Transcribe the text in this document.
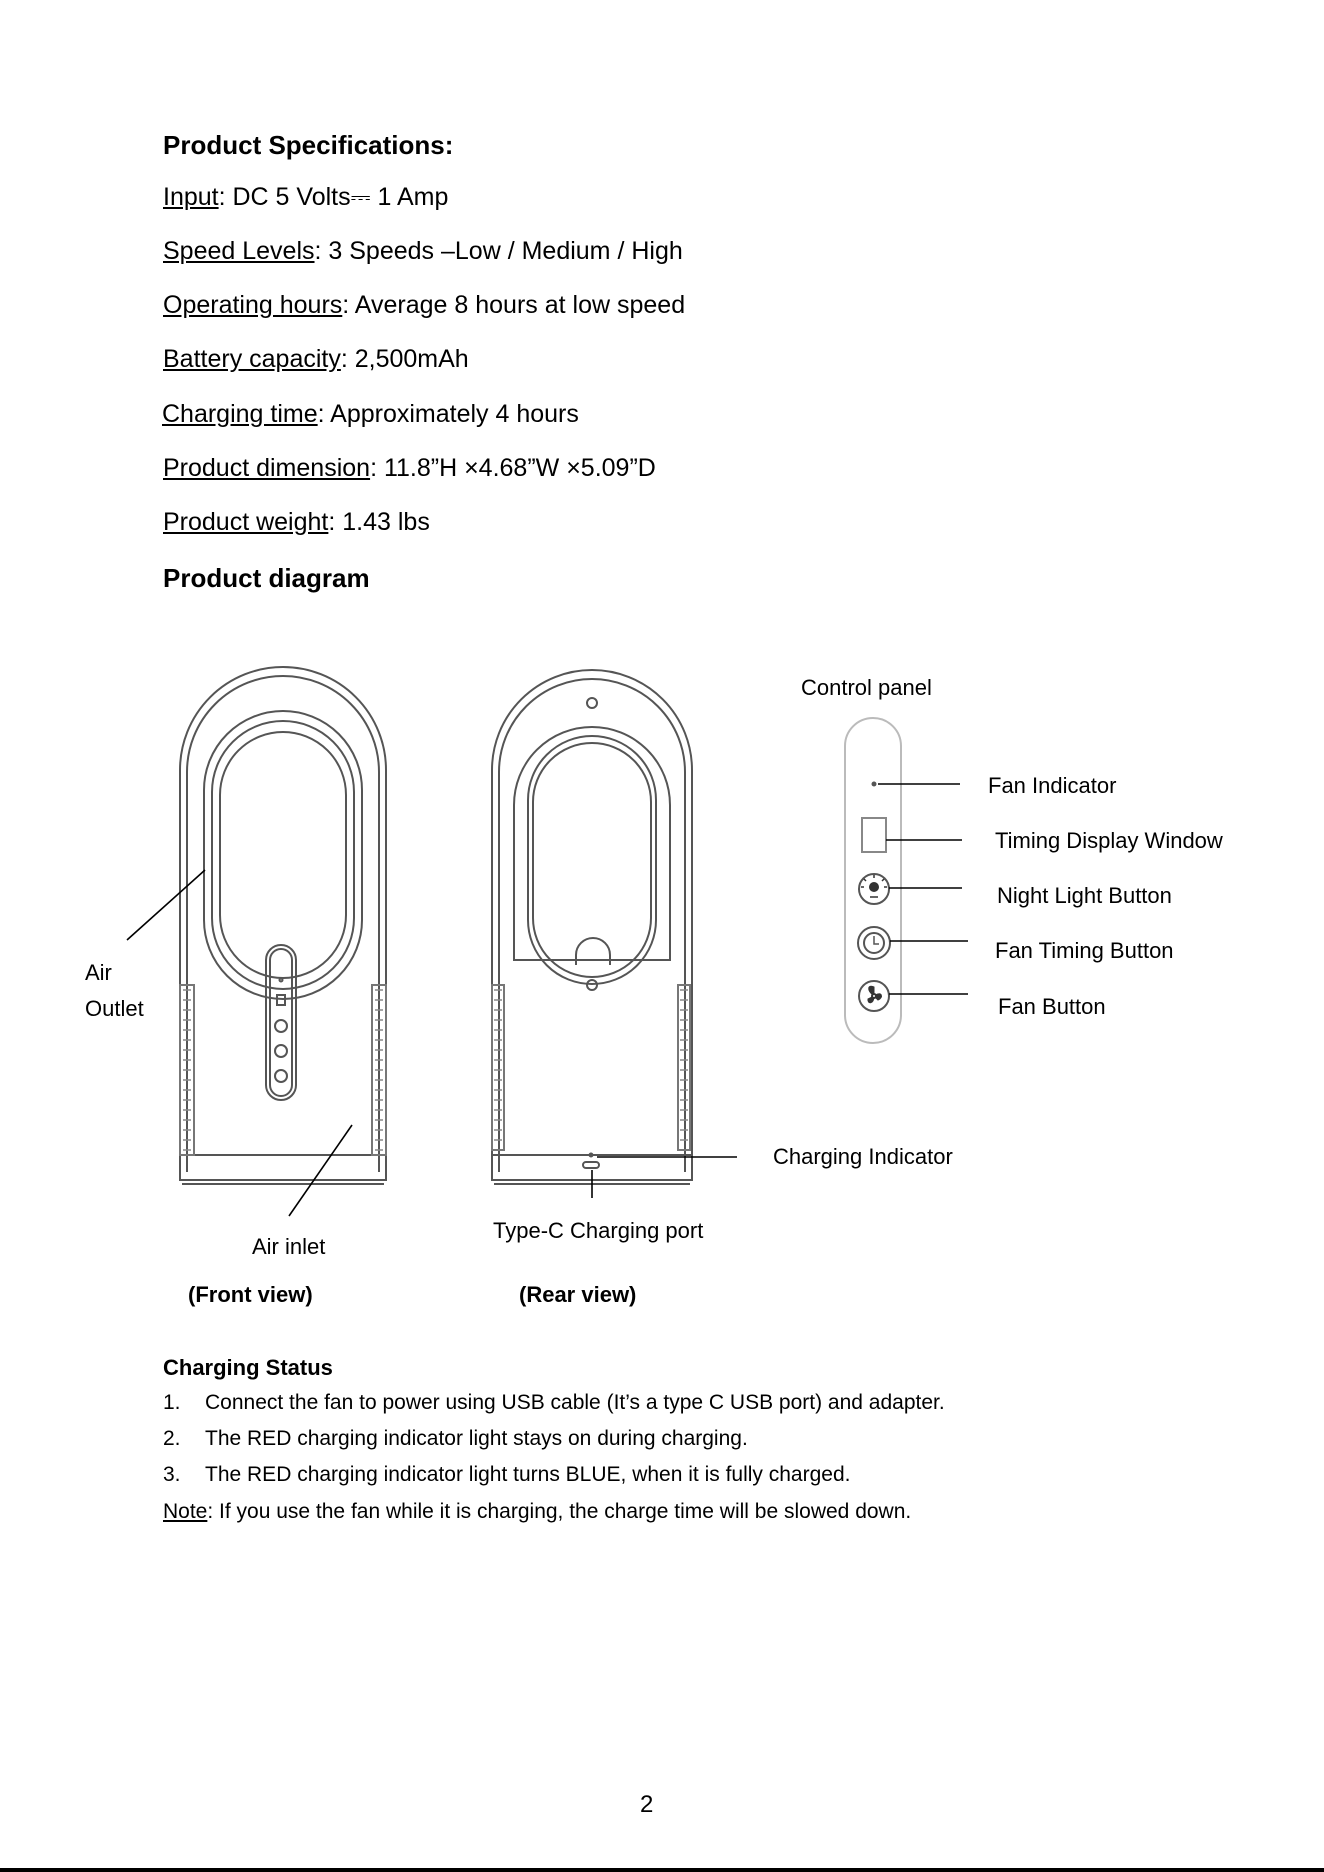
Product Specifications:
Input: DC 5 Volts⎓ 1 Amp
Speed Levels: 3 Speeds –Low / Medium / High
Operating hours: Average 8 hours at low speed
Battery capacity: 2,500mAh
Charging time: Approximately 4 hours
Product dimension: 11.8”H ×4.68”W ×5.09”D
Product weight: 1.43 lbs
Product diagram
Air
Outlet
Air inlet
Type-C Charging port
Charging Indicator
Control panel
Fan Indicator
Timing Display Window
Night Light Button
Fan Timing Button
Fan Button
(Front view)	(Rear view)
Charging Status
1. Connect the fan to power using USB cable (It’s a type C USB port) and adapter.
2. The RED charging indicator light stays on during charging.
3. The RED charging indicator light turns BLUE, when it is fully charged.
Note: If you use the fan while it is charging, the charge time will be slowed down.
2
